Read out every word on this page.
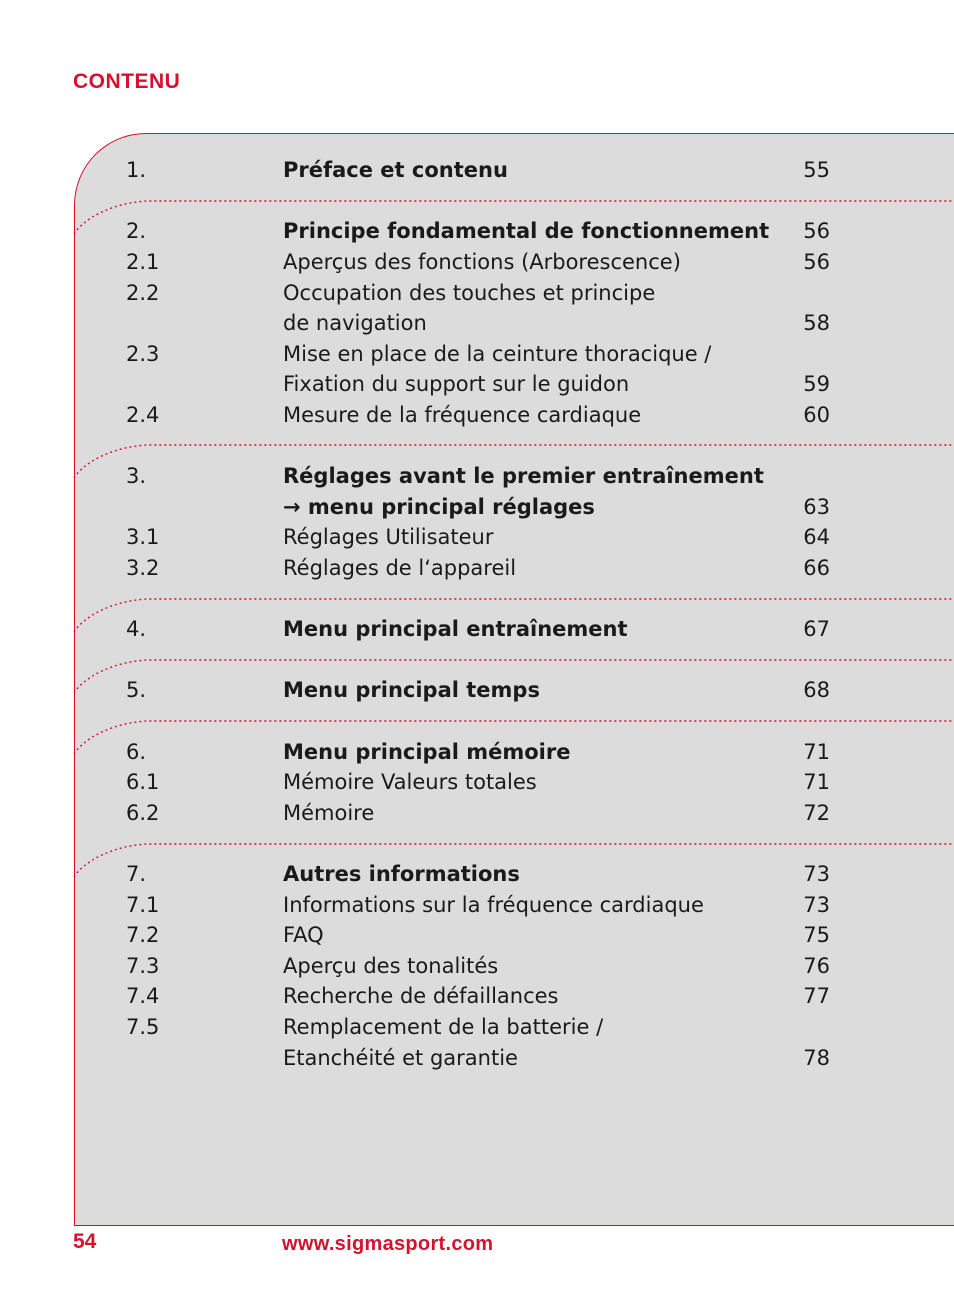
CONTENU
1.	Préface et contenu	55
2.	Principe fondamental de fonctionnement	56
2.1	Aperçus des fonctions (Arborescence)	56
2.2	Occupation des touches et principe
de navigation	58
2.3	Mise en place de la ceinture thoracique /
Fixation du support sur le guidon	59
2.4	Mesure de la fréquence cardiaque	60
3.	Réglages avant le premier entraînement
→ menu principal réglages	63
3.1	Réglages Utilisateur	64
3.2	Réglages de l‘appareil	66
4.	Menu principal entraînement	67
5.	Menu principal temps	68
6.	Menu principal mémoire	71
6.1	Mémoire Valeurs totales	71
6.2	Mémoire	72
7.	Autres informations	73
7.1	Informations sur la fréquence cardiaque	73
7.2	FAQ	75
7.3	Aperçu des tonalités	76
7.4	Recherche de défaillances	77
7.5	Remplacement de la batterie /
Etanchéité et garantie	78
54	www.sigmasport.com
